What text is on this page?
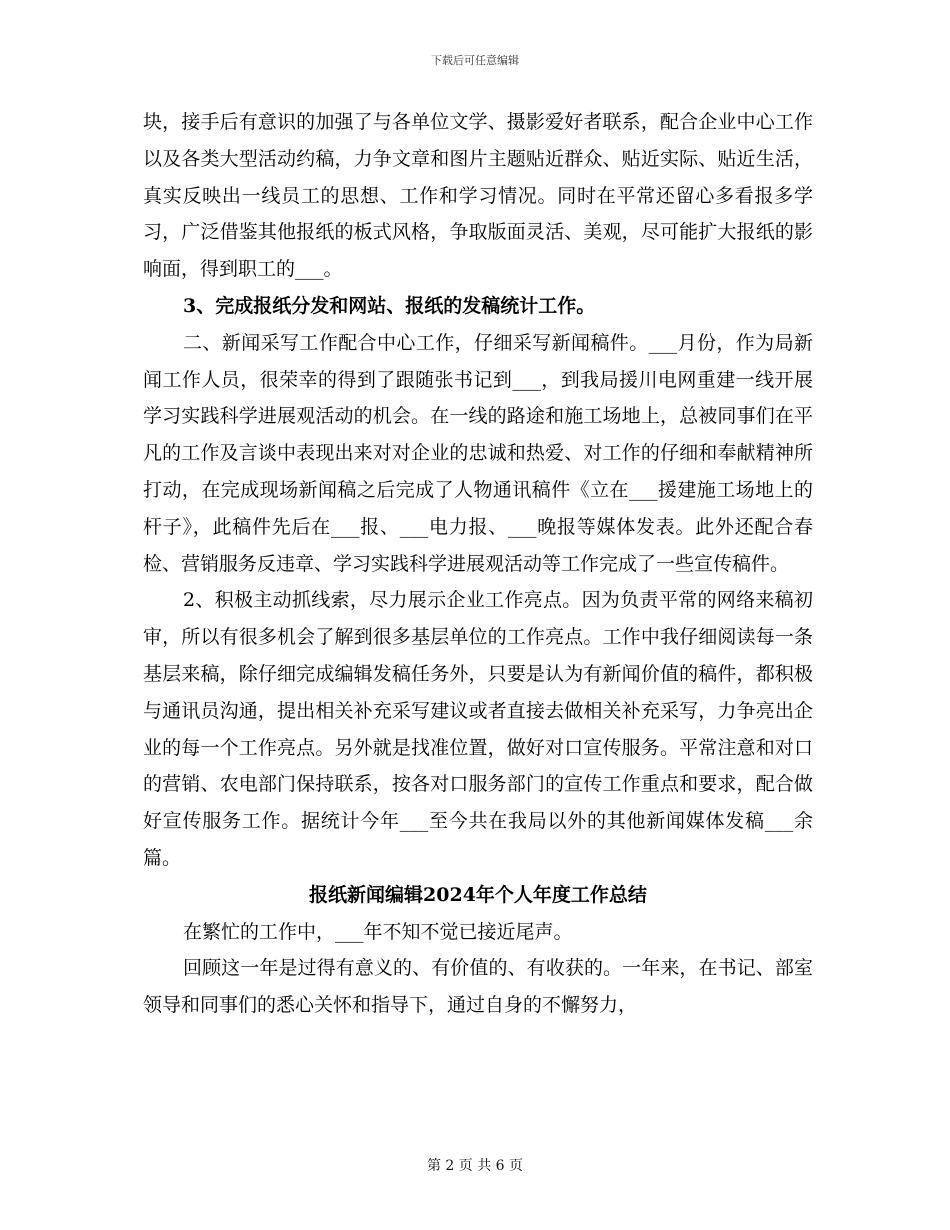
下载后可任意编辑

块，接手后有意识的加强了与各单位文学、摄影爱好者联系，配合企业中心工作以及各类大型活动约稿，力争文章和图片主题贴近群众、贴近实际、贴近生活，真实反映出一线员工的思想、工作和学习情况。同时在平常还留心多看报多学习，广泛借鉴其他报纸的板式风格，争取版面灵活、美观，尽可能扩大报纸的影响面，得到职工的___。

3、完成报纸分发和网站、报纸的发稿统计工作。

二、新闻采写工作配合中心工作，仔细采写新闻稿件。___月份，作为局新闻工作人员，很荣幸的得到了跟随张书记到___，到我局援川电网重建一线开展学习实践科学进展观活动的机会。在一线的路途和施工场地上，总被同事们在平凡的工作及言谈中表现出来对对企业的忠诚和热爱、对工作的仔细和奉献精神所打动，在完成现场新闻稿之后完成了人物通讯稿件《立在___援建施工场地上的杆子》，此稿件先后在___报、___电力报、___晚报等媒体发表。此外还配合春检、营销服务反违章、学习实践科学进展观活动等工作完成了一些宣传稿件。

2、积极主动抓线索，尽力展示企业工作亮点。因为负责平常的网络来稿初审，所以有很多机会了解到很多基层单位的工作亮点。工作中我仔细阅读每一条基层来稿，除仔细完成编辑发稿任务外，只要是认为有新闻价值的稿件，都积极与通讯员沟通，提出相关补充采写建议或者直接去做相关补充采写，力争亮出企业的每一个工作亮点。另外就是找准位置，做好对口宣传服务。平常注意和对口的营销、农电部门保持联系，按各对口服务部门的宣传工作重点和要求，配合做好宣传服务工作。据统计今年___至今共在我局以外的其他新闻媒体发稿___余篇。

报纸新闻编辑2024年个人年度工作总结

在繁忙的工作中，___年不知不觉已接近尾声。

回顾这一年是过得有意义的、有价值的、有收获的。一年来，在书记、部室领导和同事们的悉心关怀和指导下，通过自身的不懈努力，

第 2 页 共 6 页
